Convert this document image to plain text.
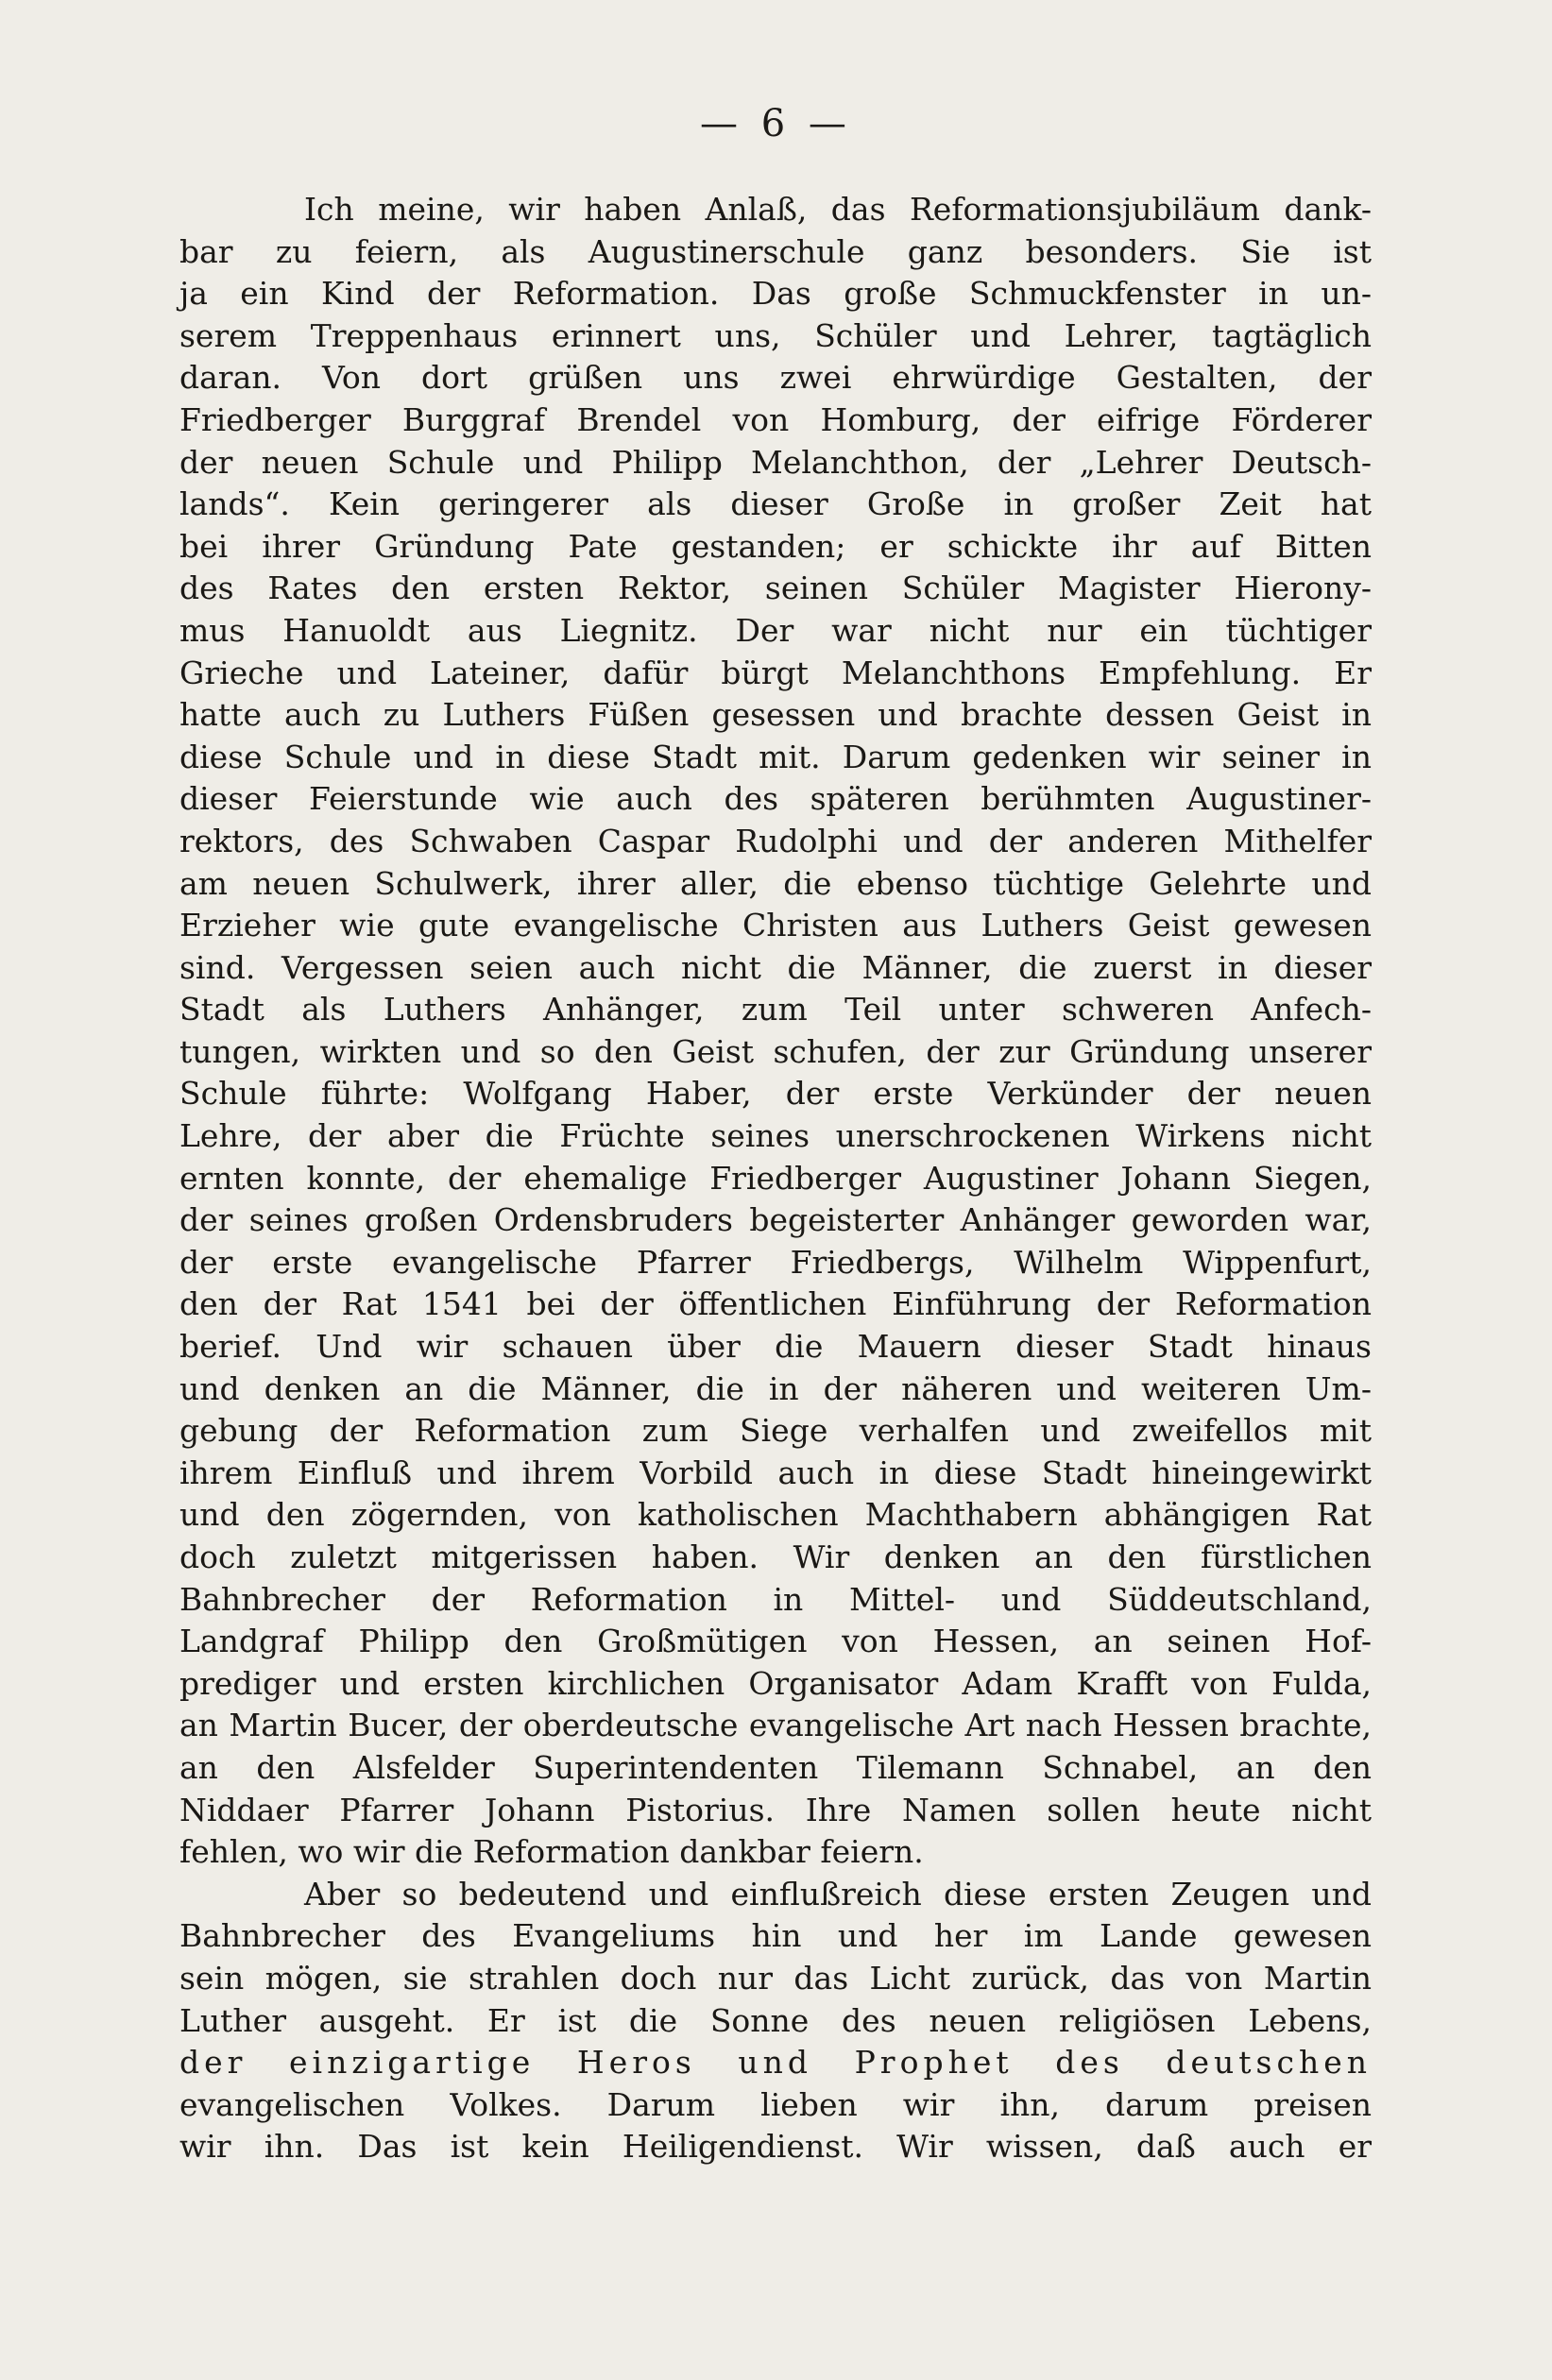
— 6 —
Ich meine, wir haben Anlaß, das Reformationsjubiläum dank-
bar zu feiern, als Augustinerschule ganz besonders. Sie ist
ja ein Kind der Reformation. Das große Schmuckfenster in un-
serem Treppenhaus erinnert uns, Schüler und Lehrer, tagtäglich
daran. Von dort grüßen uns zwei ehrwürdige Gestalten, der
Friedberger Burggraf Brendel von Homburg, der eifrige Förderer
der neuen Schule und Philipp Melanchthon, der „Lehrer Deutsch-
lands“. Kein geringerer als dieser Große in großer Zeit hat
bei ihrer Gründung Pate gestanden; er schickte ihr auf Bitten
des Rates den ersten Rektor, seinen Schüler Magister Hierony-
mus Hanuoldt aus Liegnitz. Der war nicht nur ein tüchtiger
Grieche und Lateiner, dafür bürgt Melanchthons Empfehlung. Er
hatte auch zu Luthers Füßen gesessen und brachte dessen Geist in
diese Schule und in diese Stadt mit. Darum gedenken wir seiner in
dieser Feierstunde wie auch des späteren berühmten Augustiner-
rektors, des Schwaben Caspar Rudolphi und der anderen Mithelfer
am neuen Schulwerk, ihrer aller, die ebenso tüchtige Gelehrte und
Erzieher wie gute evangelische Christen aus Luthers Geist gewesen
sind. Vergessen seien auch nicht die Männer, die zuerst in dieser
Stadt als Luthers Anhänger, zum Teil unter schweren Anfech-
tungen, wirkten und so den Geist schufen, der zur Gründung unserer
Schule führte: Wolfgang Haber, der erste Verkünder der neuen
Lehre, der aber die Früchte seines unerschrockenen Wirkens nicht
ernten konnte, der ehemalige Friedberger Augustiner Johann Siegen,
der seines großen Ordensbruders begeisterter Anhänger geworden war,
der erste evangelische Pfarrer Friedbergs, Wilhelm Wippenfurt,
den der Rat 1541 bei der öffentlichen Einführung der Reformation
berief. Und wir schauen über die Mauern dieser Stadt hinaus
und denken an die Männer, die in der näheren und weiteren Um-
gebung der Reformation zum Siege verhalfen und zweifellos mit
ihrem Einfluß und ihrem Vorbild auch in diese Stadt hineingewirkt
und den zögernden, von katholischen Machthabern abhängigen Rat
doch zuletzt mitgerissen haben. Wir denken an den fürstlichen
Bahnbrecher der Reformation in Mittel- und Süddeutschland,
Landgraf Philipp den Großmütigen von Hessen, an seinen Hof-
prediger und ersten kirchlichen Organisator Adam Krafft von Fulda,
an Martin Bucer, der oberdeutsche evangelische Art nach Hessen brachte,
an den Alsfelder Superintendenten Tilemann Schnabel, an den
Niddaer Pfarrer Johann Pistorius. Ihre Namen sollen heute nicht
fehlen, wo wir die Reformation dankbar feiern.
Aber so bedeutend und einflußreich diese ersten Zeugen und
Bahnbrecher des Evangeliums hin und her im Lande gewesen
sein mögen, sie strahlen doch nur das Licht zurück, das von Martin
Luther ausgeht. Er ist die Sonne des neuen religiösen Lebens,
der einzigartige Heros und Prophet des deutschen
evangelischen Volkes. Darum lieben wir ihn, darum preisen
wir ihn. Das ist kein Heiligendienst. Wir wissen, daß auch er
